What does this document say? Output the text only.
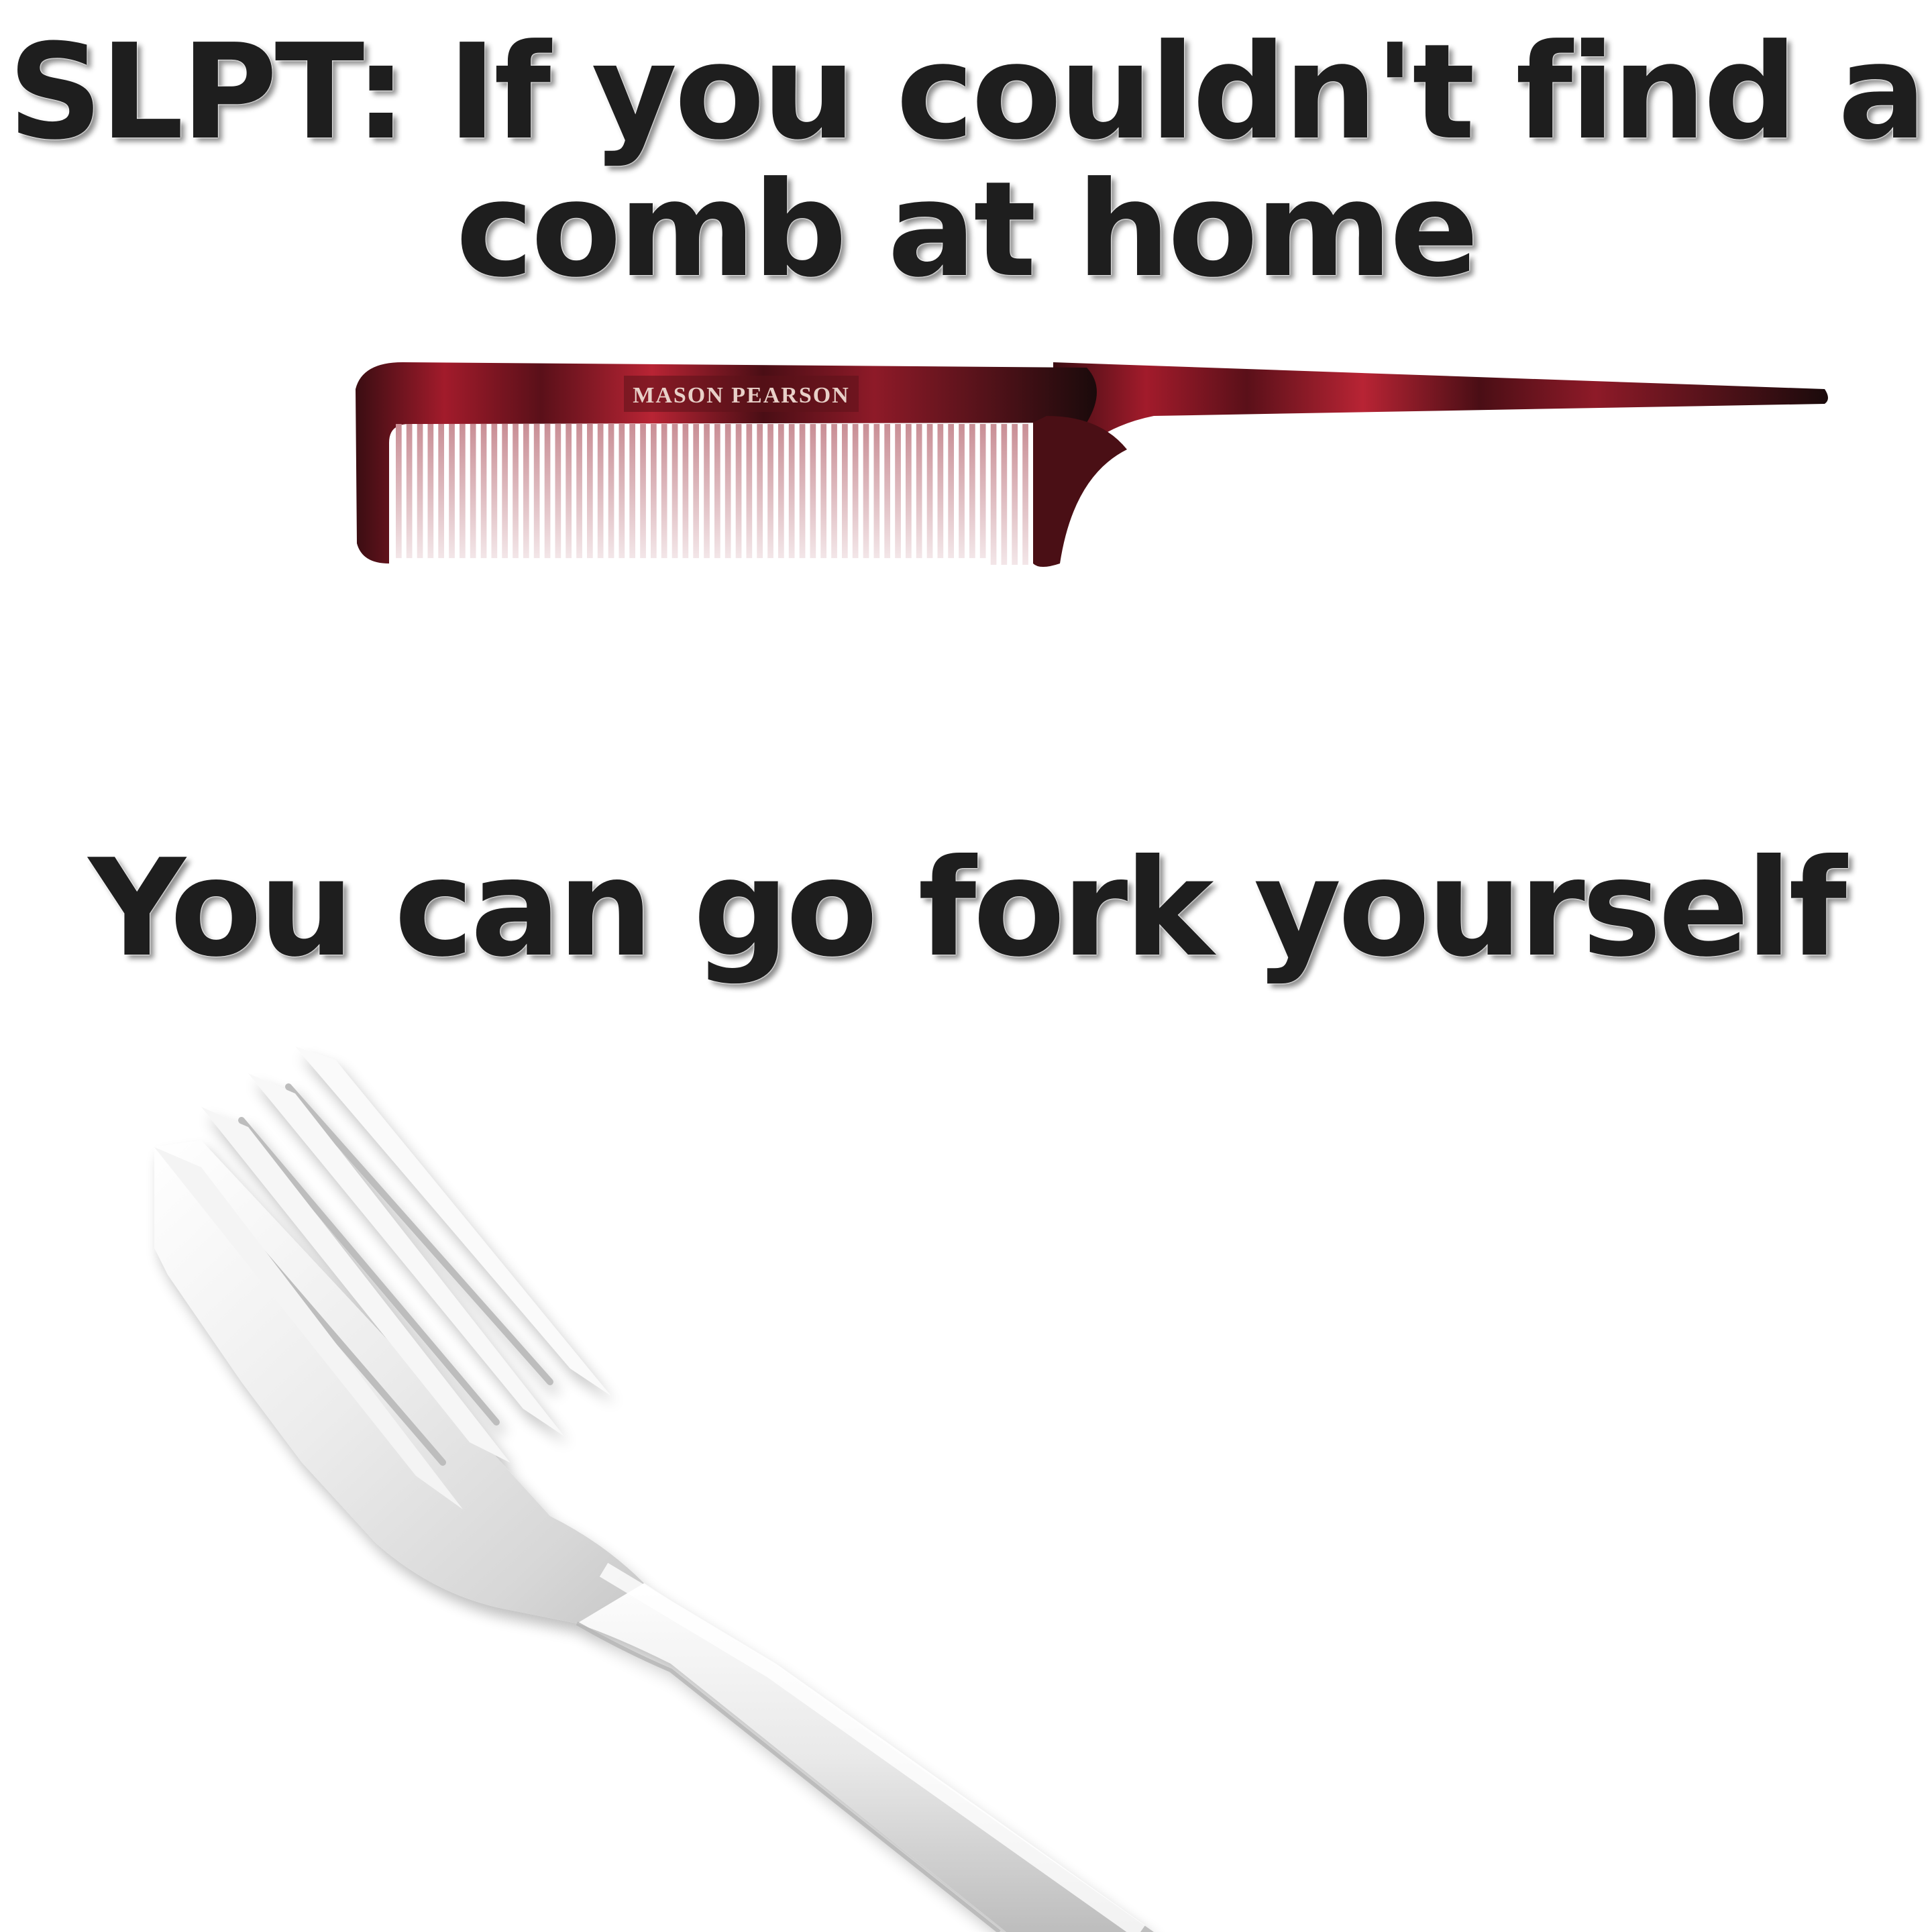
SLPT: If you couldn't find a
comb at home
MASON PEARSON
You can go fork yourself
